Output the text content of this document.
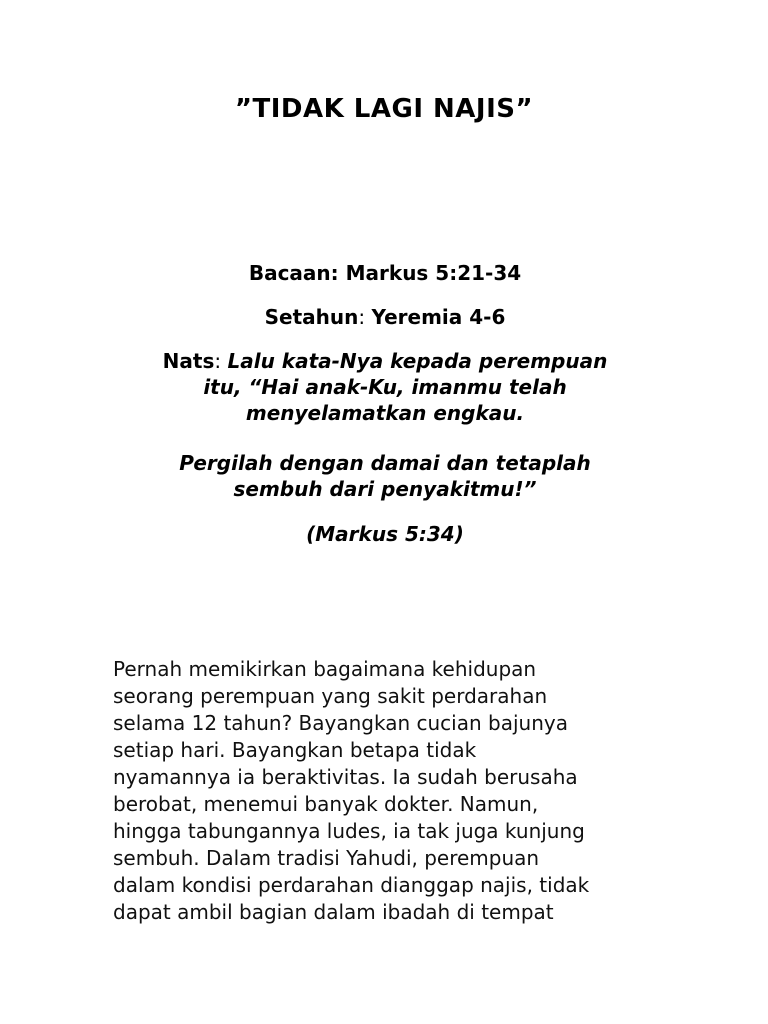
”TIDAK LAGI NAJIS”
Bacaan: Markus 5:21-34
Setahun: Yeremia 4-6
Nats: Lalu kata-Nya kepada perempuan
itu, “Hai anak-Ku, imanmu telah
menyelamatkan engkau.
Pergilah dengan damai dan tetaplah
sembuh dari penyakitmu!”
(Markus 5:34)
Pernah memikirkan bagaimana kehidupan
seorang perempuan yang sakit perdarahan
selama 12 tahun? Bayangkan cucian bajunya
setiap hari. Bayangkan betapa tidak
nyamannya ia beraktivitas. Ia sudah berusaha
berobat, menemui banyak dokter. Namun,
hingga tabungannya ludes, ia tak juga kunjung
sembuh. Dalam tradisi Yahudi, perempuan
dalam kondisi perdarahan dianggap najis, tidak
dapat ambil bagian dalam ibadah di tempat
